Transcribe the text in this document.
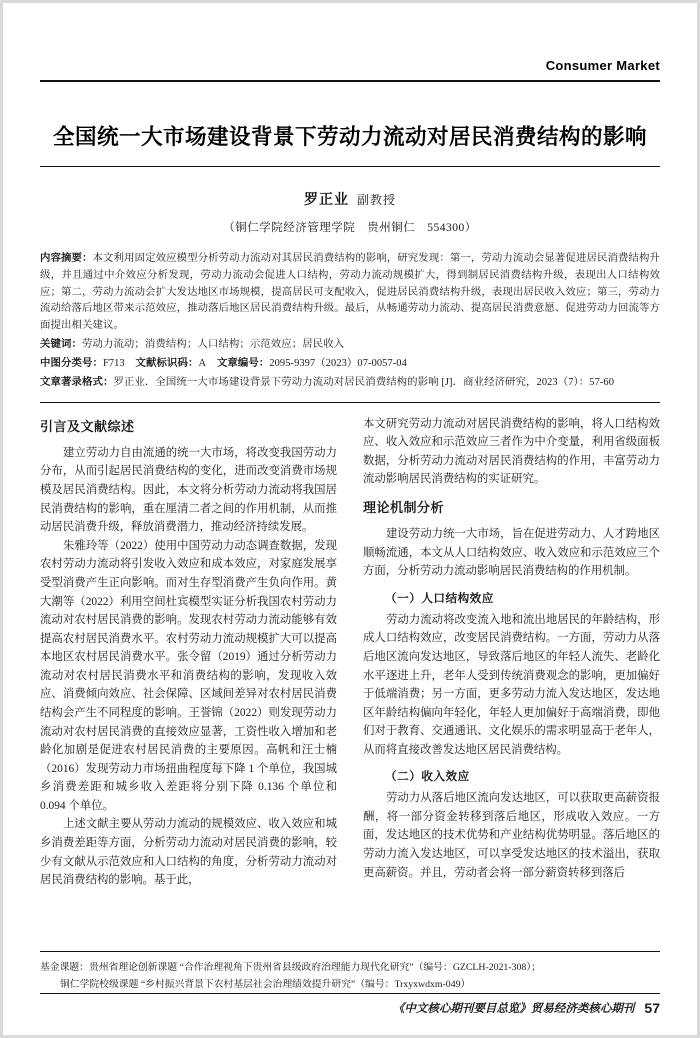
Consumer Market
全国统一大市场建设背景下劳动力流动对居民消费结构的影响
罗正业 副教授
（铜仁学院经济管理学院　贵州铜仁　554300）
内容摘要：本文利用固定效应模型分析劳动力流动对其居民消费结构的影响，研究发现：第一，劳动力流动会显著促进居民消费结构升级，并且通过中介效应分析发现，劳动力流动会促进人口结构，劳动力流动规模扩大，得到制居民消费结构升级，表现出人口结构效应；第二，劳动力流动会扩大发达地区市场规模，提高居民可支配收入，促进居民消费结构升级，表现出居民收入效应；第三，劳动力流动给落后地区带来示范效应，推动落后地区居民消费结构升级。最后，从畅通劳动力流动、提高居民消费意愿、促进劳动力回流等方面提出相关建议。
关键词：劳动力流动；消费结构；人口结构；示范效应；居民收入
中图分类号：F713 文献标识码：A 文章编号：2095-9397（2023）07-0057-04
文章著录格式：罗正业．全国统一大市场建设背景下劳动力流动对居民消费结构的影响 [J]．商业经济研究，2023（7）：57-60
引言及文献综述

建立劳动力自由流通的统一大市场，将改变我国劳动力分布，从而引起居民消费结构的变化，进而改变消费市场规模及居民消费结构。因此，本文将分析劳动力流动将我国居民消费结构的影响，重在厘清二者之间的作用机制，从而推动居民消费升级，释放消费潜力，推动经济持续发展。

朱雅玲等（2022）使用中国劳动力动态调查数据，发现农村劳动力流动将引发收入效应和成本效应，对家庭发展享受型消费产生正向影响。而对生存型消费产生负向作用。黄大潮等（2022）利用空间杜宾模型实证分析我国农村劳动力流动对农村居民消费的影响。发现农村劳动力流动能够有效提高农村居民消费水平。农村劳动力流动规模扩大可以提高本地区农村居民消费水平。张令留（2019）通过分析劳动力流动对农村居民消费水平和消费结构的影响，发现收入效应、消费倾向效应、社会保障、区域间差异对农村居民消费结构会产生不同程度的影响。王誉锦（2022）则发现劳动力流动对农村居民消费的直接效应显著，工资性收入增加和老龄化加剧是促进农村居民消费的主要原因。高帆和汪士楠（2016）发现劳动力市场扭曲程度每下降 1 个单位，我国城乡消费差距和城乡收入差距将分别下降 0.136 个单位和 0.094 个单位。

上述文献主要从劳动力流动的规模效应、收入效应和城乡消费差距等方面，分析劳动力流动对居民消费的影响，较少有文献从示范效应和人口结构的角度，分析劳动力流动对居民消费结构的影响。基于此，

本文研究劳动力流动对居民消费结构的影响，将人口结构效应、收入效应和示范效应三者作为中介变量，利用省级面板数据，分析劳动力流动对居民消费结构的作用，丰富劳动力流动影响居民消费结构的实证研究。

理论机制分析

建设劳动力统一大市场，旨在促进劳动力、人才跨地区顺畅流通，本文从人口结构效应、收入效应和示范效应三个方面，分析劳动力流动影响居民消费结构的作用机制。

（一）人口结构效应

劳动力流动将改变流入地和流出地居民的年龄结构，形成人口结构效应，改变居民消费结构。一方面，劳动力从落后地区流向发达地区，导致落后地区的年轻人流失、老龄化水平逐进上升，老年人受到传统消费观念的影响，更加偏好于低端消费；另一方面，更多劳动力流入发达地区，发达地区年龄结构偏向年轻化，年轻人更加偏好于高端消费，即他们对于教育、交通通讯、文化娱乐的需求明显高于老年人，从而将直接改善发达地区居民消费结构。

（二）收入效应

劳动力从落后地区流向发达地区，可以获取更高薪资报酬，将一部分资金转移到落后地区，形成收入效应。一方面，发达地区的技术优势和产业结构优势明显。落后地区的劳动力流入发达地区，可以享受发达地区的技术溢出，获取更高薪资。并且，劳动者会将一部分薪资转移到落后

基金课题：贵州省理论创新课题 “合作治理视角下贵州省县级政府治理能力现代化研究”（编号：GZCLH-2021-308）；
铜仁学院校级课题 “乡村振兴背景下农村基层社会治理绩效提升研究”（编号：Trxyxwdxm-049）
《中文核心期刊要目总览》贸易经济类核心期刊 57
